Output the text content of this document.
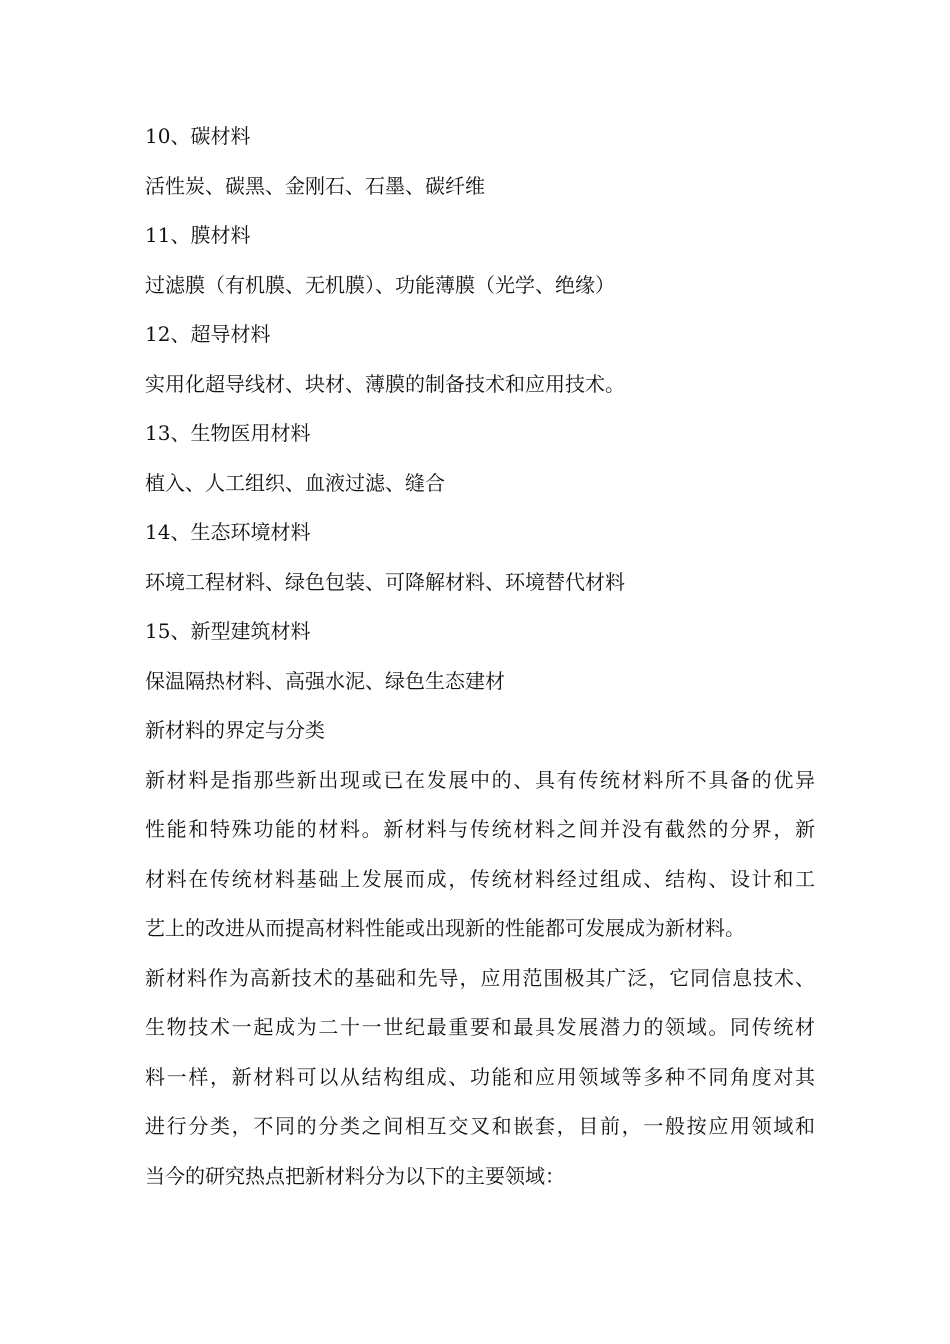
10、碳材料
活性炭、碳黑、金刚石、石墨、碳纤维
11、膜材料
过滤膜（有机膜、无机膜）、功能薄膜（光学、绝缘）
12、超导材料
实用化超导线材、块材、薄膜的制备技术和应用技术。
13、生物医用材料
植入、人工组织、血液过滤、缝合
14、生态环境材料
环境工程材料、绿色包装、可降解材料、环境替代材料
15、新型建筑材料
保温隔热材料、高强水泥、绿色生态建材
新材料的界定与分类
新材料是指那些新出现或已在发展中的、具有传统材料所不具备的优异
性能和特殊功能的材料。新材料与传统材料之间并没有截然的分界，新
材料在传统材料基础上发展而成，传统材料经过组成、结构、设计和工
艺上的改进从而提高材料性能或出现新的性能都可发展成为新材料。
新材料作为高新技术的基础和先导，应用范围极其广泛，它同信息技术、
生物技术一起成为二十一世纪最重要和最具发展潜力的领域。同传统材
料一样，新材料可以从结构组成、功能和应用领域等多种不同角度对其
进行分类，不同的分类之间相互交叉和嵌套，目前，一般按应用领域和
当今的研究热点把新材料分为以下的主要领域：
